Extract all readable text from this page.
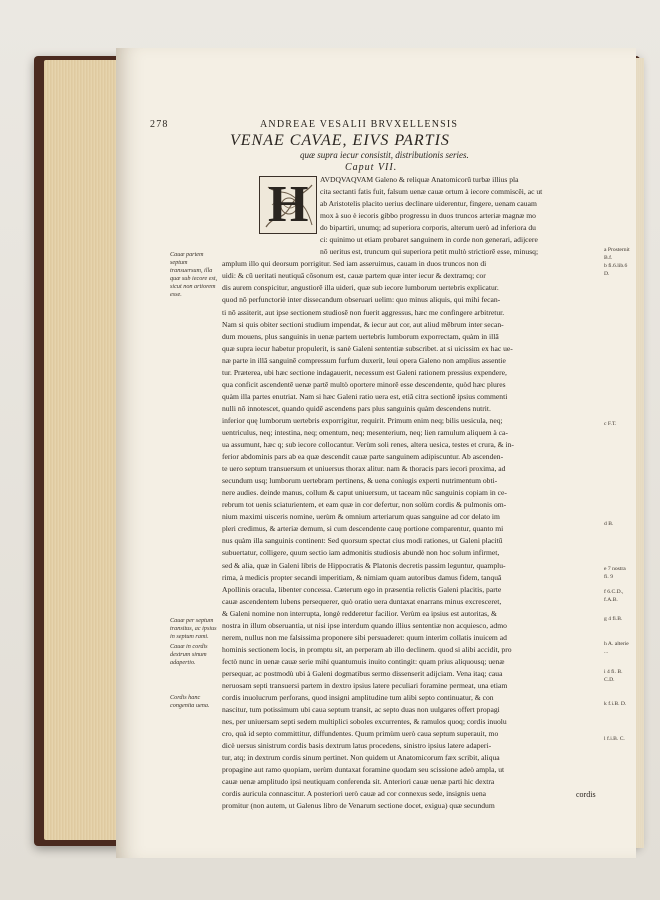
278	ANDREAE VESALII BRVXELLENSIS
VENAE CAVAE, EIVS PARTIS
quæ supra iecur consistit, distributionis series.
Caput VII.
H	AVDQVAQVAM Galeno & reliquæ Anatomicorũ turbæ illius pla
cita sectanti fatis fuit, falsum uenæ cauæ ortum à iecore commiscêi, ac ut
ab Aristotelis placito uerius declinare uiderentur, fingere, uenam cauam
mox à suo è iecoris gibbo progressu in duos truncos arteriæ magnæ mo
do bipartiri, unumq; ad superiora corporis, alterum uerò ad inferiora du
ci: quinimo ut etiam probaret sanguinem in corde non generari, adijcere
nō ueritus est, truncum qui superiora petit multò strictiorē esse, minusq;
amplum illo qui deorsum porrigitur. Sed iam asseruimus, cauam in duos truncos non di
uidi: & cū ueritati neutiquā cōsonum est, cauæ partem quæ inter iecur & dextramq; cor
dis aurem conspicitur, angustiorē illa uideri, quæ sub iecore lumborum uertebris explicatur.
quod nō perfunctoriè inter dissecandum obseruari uelim: quo minus aliquis, qui mihi fecan-
ti nō assiterit, aut ipse sectionem studiosē non fuerit aggressus, hæc me confingere arbitretur.
Nam si quis obiter sectioni studium impendat, & iecur aut cor, aut aliud mēbrum inter secan-
dum mouens, plus sanguinis in uenæ partem uertebris lumborum exporrectam, quàm in illā
quæ supra iecur habetur propulerit, is sanè Galeni sententiæ subscribet. at si uicissim ex hac ue-
næ parte in illā sanguinē compressum furfum duxerit, leui opera Galeno non amplius assentie
tur. Præterea, ubi hæc sectione indagauerit, necessum est Galeni rationem pressius expendere,
qua conficit ascendentē uenæ partē multò oportere minorē esse descendente, quòd hæc plures
quàm illa partes enutriat. Nam si hæc Galeni ratio uera est, etiã citra sectionē ipsius commenti
nulli nō innotescet, quando quidē ascendens pars plus sanguinis quàm descendens nutrit.
inferior quę lumborum uertebris exporrigitur, requirit. Primum enim neq; bilis uesicula, neq;
uentriculus, neq; intestina, neq; omentum, neq; mesenterium, neq; lien ramulum aliquem à ca-
ua assumunt, hæc q; sub iecore collocantur. Verùm soli renes, altera uesica, testes et crura, & in-
ferior abdominis pars ab ea quæ descendit cauæ parte sanguinem adipiscuntur. Ab ascenden-
te uero septum transuersum et uniuersus thorax alitur. nam & thoracis pars iecori proxima, ad
secundum usq; lumborum uertebram pertinens, & uena coniugis experti nutrimentum obti-
nere audies. deinde manus, collum & caput uniuersum, ut taceam nūc sanguinis copiam in ce-
rebrum tot uenis sciaturientem, et eam quæ in cor defertur, non solùm cordis & pulmonis om-
nium maximi uisceris nomine, uerùm & omnium arteriarum quas sanguine ad cor delato im
pleri credimus, & arteriæ demum, si cum descendente cauę portione comparentur, quanto mi
nus quàm illa sanguinis continent: Sed quorsum spectat cius modi rationes, ut Galeni placitū
subuertatur, colligere, quum sectio iam admonitis studiosis abundè non hoc solum infirmet,
sed & alia, quæ in Galeni libris de Hippocratis & Platonis decretis passim leguntur, quamplu-
rima, à medicis propter secandi imperitiam, & nimiam quam autoribus damus fidem, tanquã
Apollinis oracula, libenter concessa. Cæterum ego in præsentia relictis Galeni placitis, parte
cauæ ascendentem lubens persequerer, quò oratio uera duntaxat enarrans minus excresceret,
& Galeni nomine non interrupta, longè redderetur facilior. Verùm ea ipsius est autoritas, &
nostra in illum obseruantia, ut nisi ipse interdum quando illius sententiæ non acquiesco, admo
nerem, nullus non me falsissima proponere sibi persuaderet: quum interim collatis inuicem ad
hominis sectionem locis, in promptu sit, an perperam ab illo declinem. quod si alibi accidit, pro
fectò nunc in uenæ cauæ serie mihi quantumuis inuito contingit: quam prius aliquousq; uenæ
persequar, ac postmodù ubi à Galeni dogmatibus sermo dissenserit adijciam. Vena itaq; caua
neruosam septi transuersi partem in dextro ipsius latere peculiari foramine permeat, una etiam
cordis inuolucrum perforans, quod insigni amplitudine tum alibi septo continuatur, & con
nascitur, tum potissimum ubi caua septum transit, ac septo duas non uulgares offert propagi
nes, per uniuersam septi sedem multiplici soboles excurrentes, & ramulos quoq; cordis inuolu
cro, quà id septo committitur, diffundentes. Quum primùm uerò caua septum superauit, mo
dicè uersus sinistrum cordis basis dextrum latus procedens, sinistro ipsius latere adaperi-
tur, atq; in dextrum cordis sinum pertinet. Non quidem ut Anatomicorum fæx scribit, aliqua
propagine aut ramo quopiam, uerùm duntaxat foramine quodam seu scissione adeò ampla, ut
cauæ uenæ amplitudo ipsi neutiquam conferenda sit. Anteriori cauæ uenæ parti hic dextra
cordis auricula connascitur. A posteriori uerò cauæ ad cor connexus sede, insignis uena
promitur (non autem, ut Galenus libro de Venarum sectione docet, exigua) quæ secundum
Cauæ partem septum transuersum, illa quæ sub iecore est, sicut non artiorem esse.
Cauæ per septum transitus, ac ipsius in septum rami.
Cauæ in cordis dextrum sinum adapertio.
Cordis hanc congenita uena.
a Prosternit B.f.
b fi.6.lib.6 D.
c F.T.
d B.
e 7 nostra fi. 9
f 6.C.D., f.A.B.
g 4 fi.B.
h A. alterie ...
i 4 fi. B. C.D.
k f.i.B. D.
l f.i.B. C.
cordis
